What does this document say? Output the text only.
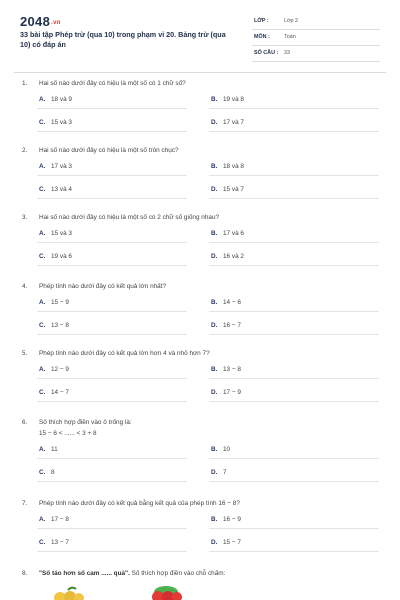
2048.vn
33 bài tập Phép trừ (qua 10) trong phạm vi 20. Bảng trừ (qua 10) có đáp án
LỚP :	Lớp 2
MÔN :	Toán
SỐ CÂU : 33
1. Hai số nào dưới đây có hiệu là một số có 1 chữ số?
A. 18 và 9	B. 19 và 8
C. 15 và 3	D. 17 và 7
2. Hai số nào dưới đây có hiệu là một số tròn chục?
A. 17 và 3	B. 18 và 8
C. 13 và 4	D. 15 và 7
3. Hai số nào dưới đây có hiệu là một số có 2 chữ số giống nhau?
A. 15 và 3	B. 17 và 6
C. 19 và 6	D. 16 và 2
4. Phép tính nào dưới đây có kết quả lớn nhất?
A. 15 − 9	B. 14 − 6
C. 13 − 8	D. 16 − 7
5. Phép tính nào dưới đây có kết quả lớn hơn 4 và nhỏ hơn 7?
A. 12 − 9	B. 13 − 8
C. 14 − 7	D. 17 − 9
6. Số thích hợp điền vào ô trống là:
15 − 6 < ...... < 3 + 8
A. 11	B. 10
C. 8	D. 7
7. Phép tính nào dưới đây có kết quả bằng kết quả của phép tính 16 − 8?
A. 17 − 8	B. 16 − 9
C. 13 − 7	D. 15 − 7
8. "Số táo hơn số cam ...... quả". Số thích hợp điền vào chỗ chấm:
